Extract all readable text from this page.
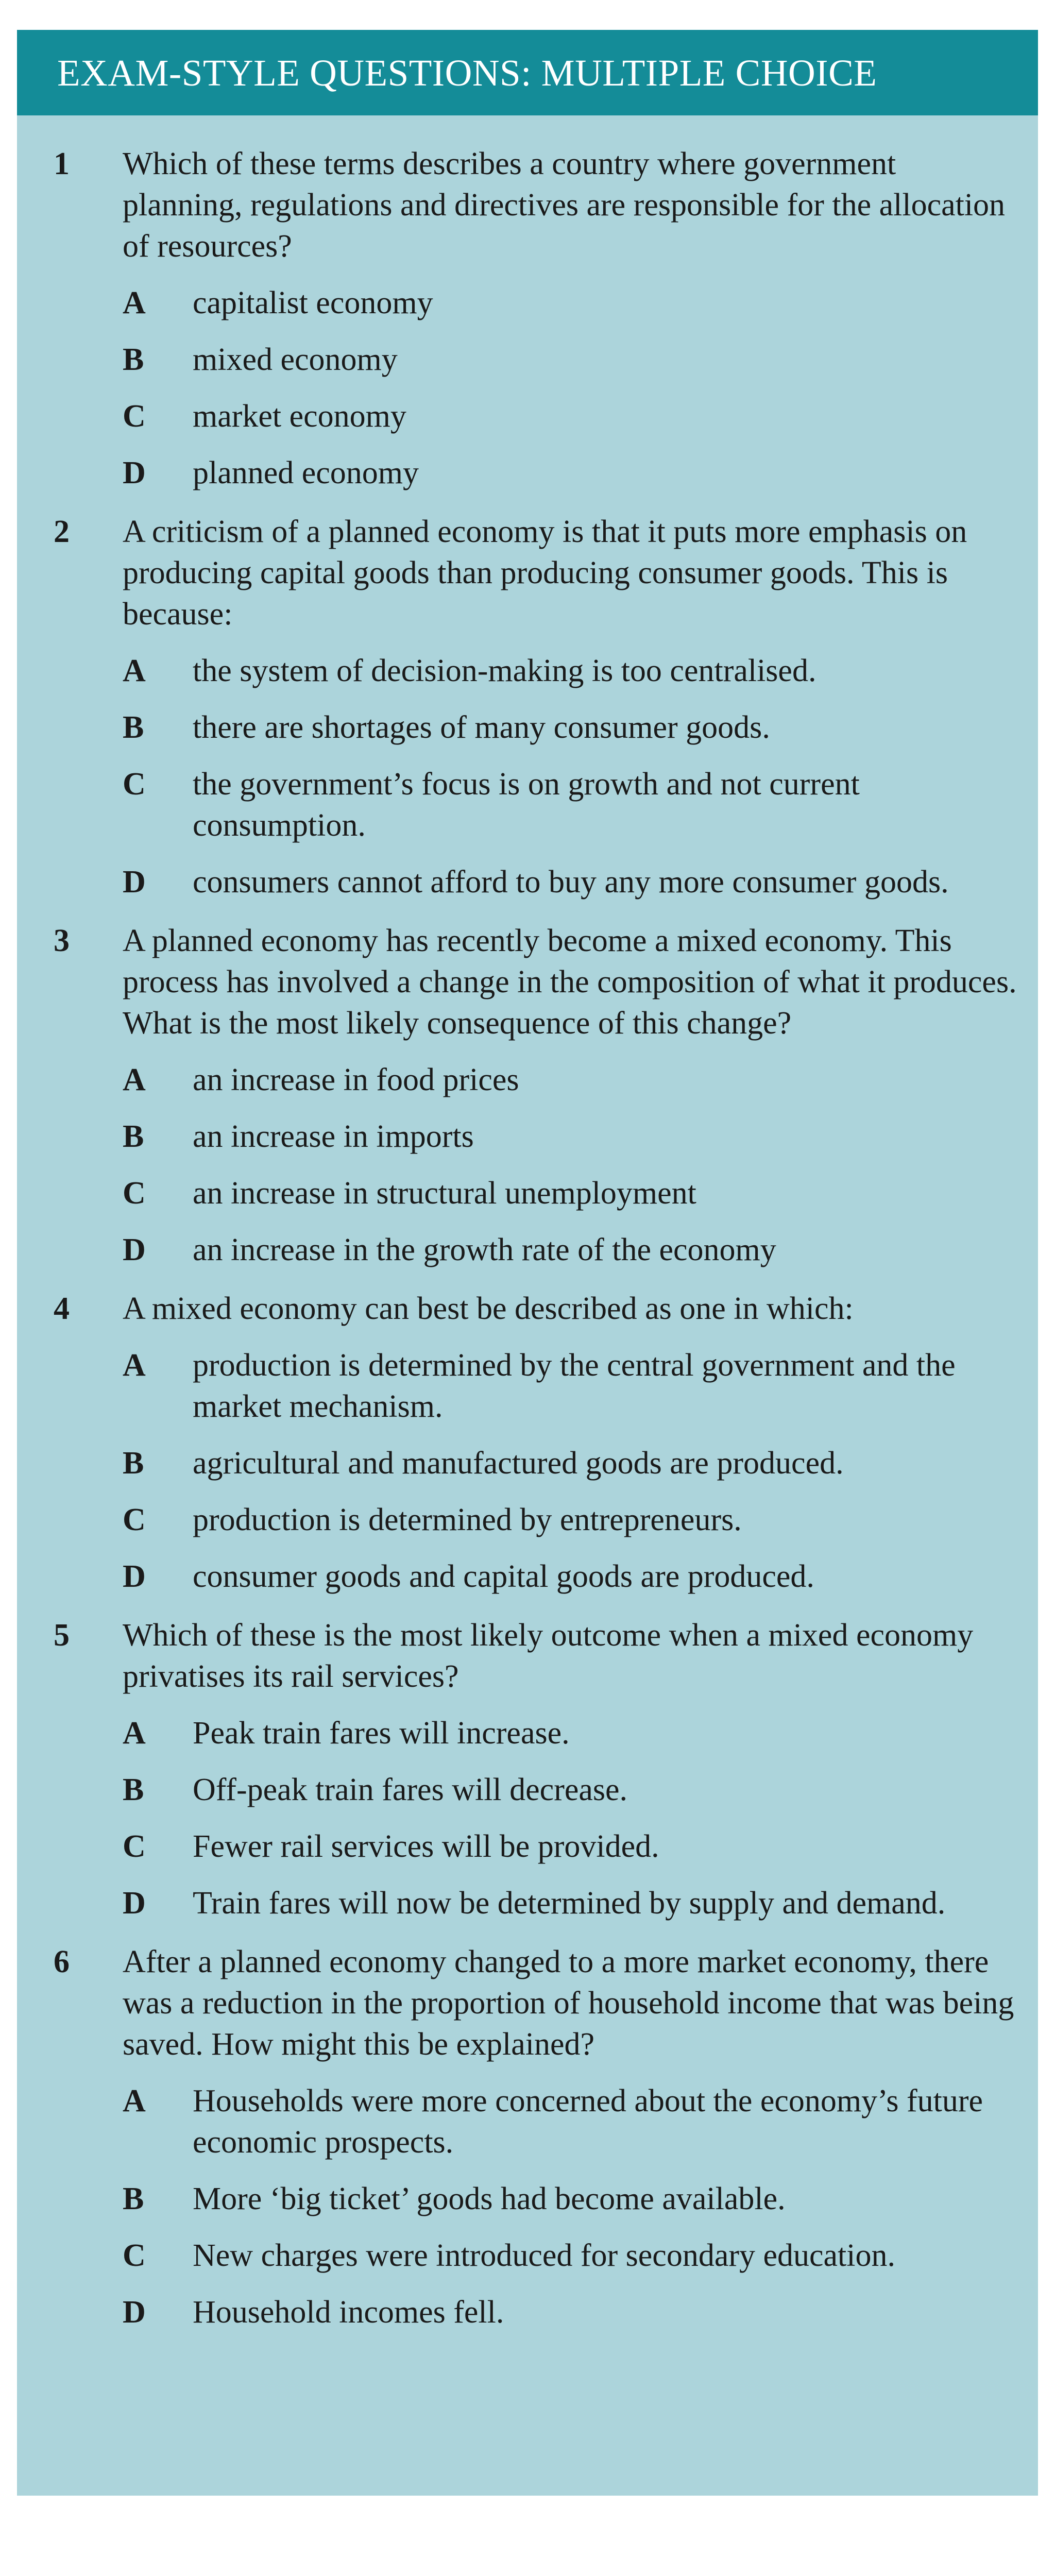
EXAM-STYLE QUESTIONS: MULTIPLE CHOICE
1 Which of these terms describes a country where government planning, regulations and directives are responsible for the allocation of resources?
A capitalist economy
B mixed economy
C market economy
D planned economy
2 A criticism of a planned economy is that it puts more emphasis on producing capital goods than producing consumer goods. This is because:
A the system of decision-making is too centralised.
B there are shortages of many consumer goods.
C the government’s focus is on growth and not current consumption.
D consumers cannot afford to buy any more consumer goods.
3 A planned economy has recently become a mixed economy. This process has involved a change in the composition of what it produces. What is the most likely consequence of this change?
A an increase in food prices
B an increase in imports
C an increase in structural unemployment
D an increase in the growth rate of the economy
4 A mixed economy can best be described as one in which:
A production is determined by the central government and the market mechanism.
B agricultural and manufactured goods are produced.
C production is determined by entrepreneurs.
D consumer goods and capital goods are produced.
5 Which of these is the most likely outcome when a mixed economy privatises its rail services?
A Peak train fares will increase.
B Off-peak train fares will decrease.
C Fewer rail services will be provided.
D Train fares will now be determined by supply and demand.
6 After a planned economy changed to a more market economy, there was a reduction in the proportion of household income that was being saved. How might this be explained?
A Households were more concerned about the economy’s future economic prospects.
B More ‘big ticket’ goods had become available.
C New charges were introduced for secondary education.
D Household incomes fell.
